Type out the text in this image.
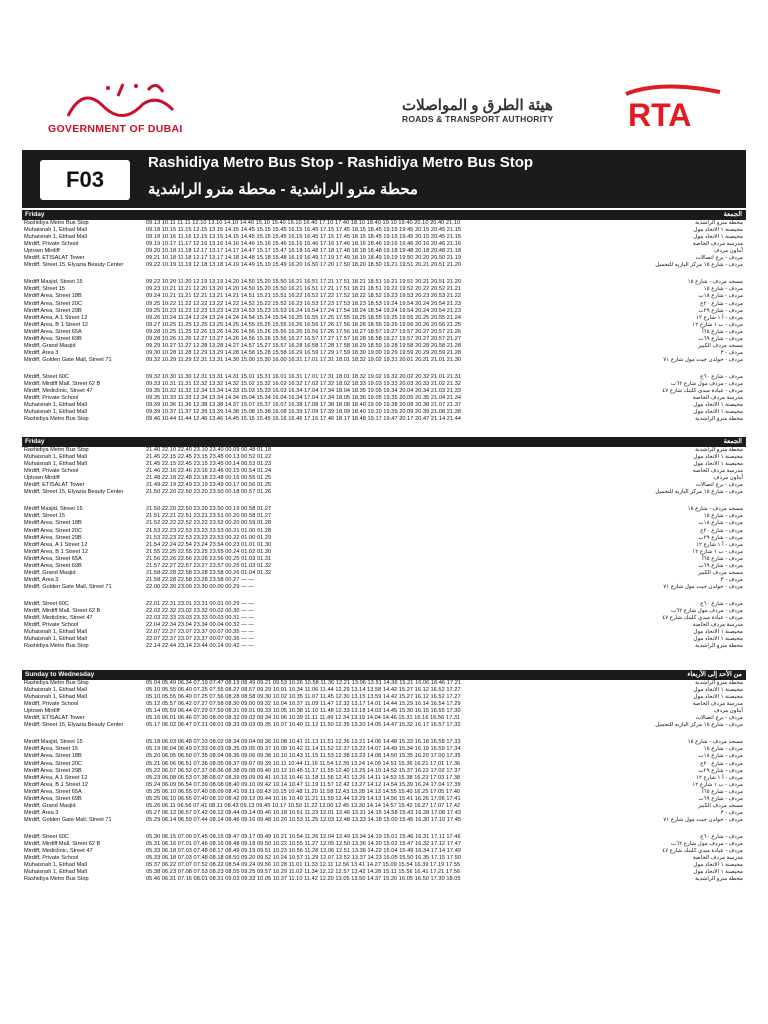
GOVERNMENT OF DUBAI
هيئة الطرق و المواصلات
ROADS & TRANSPORT AUTHORITY RTA
F03
Rashidiya Metro Bus Stop - Rashidiya Metro Bus Stop
محطة مترو الراشدية - محطة مترو الراشدية
Friday	الجمعة
Rashidiya Metro Bus Stop	09.13 10.11 11.11 12.10 13.10 14.10 14.40 15.10 15.40 16.10 16.40 17.10 17.40 18.10 18.40 19.10 19.40 20.10 20.40 21.10	محطة مترو الراشدية
Muhaisnah 1, Etihad Mall	09.18 10.15 11.15 12.15 13.15 14.15 14.45 15.15 15.45 16.15 16.45 17.15 17.45 18.15 18.45 19.15 19.45 20.15 20.45 21.15	محيصنة ١ الاتحاد مول
Muhaisnah 1, Etihad Mall	09.18 10.16 11.16 12.15 13.15 14.15 14.45 15.15 15.45 16.15 16.45 17.15 17.45 18.15 18.45 19.15 19.45 20.15 20.45 21.15	محيصنة ١ الاتحاد مول
Mirdiff, Private School	09.19 10.17 11.17 12.16 13.16 14.16 14.46 15.16 15.46 16.16 16.46 17.16 17.46 18.16 18.46 19.16 19.46 20.16 20.46 21.16	مدرسة مردف الخاصة
Uptown Mirdiff	09.20 10.18 11.18 12.17 13.17 14.17 14.47 15.17 15.47 16.18 16.48 17.18 17.48 18.18 18.48 19.18 19.48 20.18 20.48 21.18	أبتاون مردف
Mirdiff, ETISALAT Tower	09.21 10.18 11.18 12.17 13.17 14.18 14.48 15.18 15.48 16.19 16.49 17.19 17.49 18.19 18.49 19.19 19.50 20.20 20.50 21.19	مردف - برج اتصالات
Mirdiff, Street 15, Elyazia Beauty Center	09.22 10.19 11.19 12.18 13.18 14.19 14.49 15.19 15.49 16.20 16.50 17.20 17.50 18.20 18.50 19.21 19.51 20.21 20.51 21.20	مردف - شارع ١٥ مركز اليازيه للتجميل
Mirdiff Masjid, Street 15	09.22 10.20 11.20 12.19 13.19 14.20 14.50 15.20 15.50 16.21 16.51 17.21 17.51 18.21 18.51 19.21 19.51 20.21 20.51 21.20	مسجد مردف - شارع ١٥
Mirdiff, Street 15	09.23 10.21 11.21 12.20 13.20 14.20 14.50 15.20 15.50 16.21 16.51 17.21 17.51 18.21 18.51 19.22 19.52 20.22 20.52 21.21	مردف - شارع ١٥
Mirdiff Area, Street 18B	09.24 10.21 11.21 12.21 13.21 14.21 14.51 15.21 15.51 16.22 16.52 17.22 17.52 18.22 18.52 19.23 19.53 20.23 20.53 21.22	مردف - شارع ١٨ب
Mirdiff Area, Street 20C	09.25 10.22 11.22 12.22 13.22 14.22 14.52 15.22 15.52 16.23 16.53 17.23 17.53 18.23 18.53 19.24 19.54 20.24 20.54 21.23	مردف - شارع ٢٠ج
Mirdiff Area, Street 29B	09.25 10.23 11.23 12.23 13.23 14.23 14.53 15.23 15.53 16.24 16.54 17.24 17.54 18.24 18.54 19.24 19.54 20.24 20.54 21.23	مردف - شارع ٢٩ب
Mirdiff Area, A 1 Street 12	09.26 10.24 11.24 12.24 13.24 14.24 14.54 15.24 15.54 16.25 16.55 17.25 17.55 18.25 18.55 19.25 19.55 20.25 20.55 21.24	مردف - أ ١ شارع ١٢
Mirdiff Area, B 1 Street 12	09.27 10.25 11.25 12.25 13.25 14.25 14.55 15.25 15.55 16.26 16.56 17.26 17.56 18.26 18.56 19.26 19.56 20.26 20.56 21.25	مردف - ب ١ شارع ١٢
Mirdiff Area, Street 65A	09.28 10.25 11.25 12.26 13.26 14.26 14.56 15.26 15.56 16.26 16.56 17.26 17.56 18.27 18.57 19.27 19.57 20.27 20.57 21.26	مردف - شارع ٦٥أ
Mirdiff Area, Street 69B	09.28 10.26 11.26 12.27 13.27 14.26 14.56 15.26 15.56 16.27 16.57 17.27 17.57 18.28 18.58 19.27 19.57 20.27 20.57 21.27	مردف - شارع ٦٩ب
Mirdiff, Grand Masjid	09.29 10.27 11.27 12.28 13.28 14.27 14.57 15.27 15.57 16.28 16.58 17.28 17.58 18.29 18.59 19.28 19.58 20.28 20.58 21.28	مسجد مردف الكبير
Mirdiff, Area 3	09.30 10.28 11.28 12.29 13.29 14.28 14.58 15.28 15.58 16.29 16.59 17.29 17.59 18.30 19.00 19.29 19.59 20.29 20.59 21.28	مردف - ٣
Mirdiff, Golden Gate Mall, Street 71	09.32 10.29 11.29 12.31 13.31 14.30 15.00 15.30 16.00 16.31 17.01 17.31 18.01 18.32 19.02 19.31 20.01 20.31 21.01 21.30	مردف - جولدن جيت مول شارع ٧١
Mirdiff, Street 60C	09.32 10.30 11.30 12.31 13.31 14.31 15.01 15.31 16.01 16.31 17.01 17.31 18.01 18.32 19.02 19.32 20.02 20.32 21.01 21.31	مردف - شارع ٦٠ج
Mirdiff, Mirdiff Mall, Street 62 B	09.33 10.31 11.31 12.32 13.32 14.32 15.02 15.32 16.02 16.32 17.02 17.32 18.02 18.33 19.03 19.33 20.03 20.33 21.02 21.32	مردف - مردف مول شارع ٦٢ب
Mirdiff, Mediclinic, Street 47	09.35 10.32 11.32 12.34 13.34 14.33 15.03 15.33 16.03 16.34 17.04 17.34 18.04 18.35 19.05 19.34 20.04 20.34 21.03 21.33	مردف - عيادة ميدي كلينك شارع ٤٧
Mirdiff, Private School	09.35 10.33 11.33 12.34 13.34 14.34 15.04 15.34 16.04 16.34 17.04 17.34 18.05 18.36 19.05 19.35 20.05 20.35 21.04 21.34	مدرسة مردف الخاصة
Muhaisnah 1, Etihad Mall	09.39 10.36 11.36 12.38 13.38 14.37 15.07 15.37 16.07 16.38 17.08 17.38 18.08 18.40 19.09 19.38 20.08 20.38 21.07 21.37	محيصنة ١ الاتحاد مول
Muhaisnah 1, Etihad Mall	09.39 10.37 11.37 12.39 13.39 14.38 15.08 15.38 16.08 16.39 17.09 17.39 18.09 18.40 19.10 19.39 20.09 20.39 21.08 21.38	محيصنة ١ الاتحاد مول
Rashidiya Metro Bus Stop	09.46 10.44 11.44 12.46 13.46 14.45 15.15 15.45 16.16 16.46 17.16 17.46 18.17 18.48 19.17 19.47 20.17 20.47 21.14 21.44	محطة مترو الراشدية
Friday	الجمعة
Rashidiya Metro Bus Stop	21.40 22.10 22.40 23.10 23.40 00.09 00.48 01.18	محطة مترو الراشدية
Muhaisnah 1, Etihad Mall	21.45 22.15 22.45 23.15 23.45 00.13 00.52 01.22	محيصنة ١ الاتحاد مول
Muhaisnah 1, Etihad Mall	21.45 22.15 22.45 23.15 23.45 00.14 00.53 01.23	محيصنة ١ الاتحاد مول
Mirdiff, Private School	21.46 22.16 22.46 23.16 23.46 00.15 00.54 01.24	مدرسة مردف الخاصة
Uptown Mirdiff	21.48 22.18 22.48 23.18 23.48 00.16 00.55 01.25	أبتاون مردف
Mirdiff, ETISALAT Tower	21.49 22.19 22.49 23.19 23.49 00.17 00.56 01.25	مردف - برج اتصالات
Mirdiff, Street 15, Elyazia Beauty Center	21.50 22.20 22.50 23.20 23.50 00.18 00.57 01.26	مردف - شارع ١٥ مركز اليازيه للتجميل
Mirdiff Masjid, Street 15	21.50 22.20 22.50 23.20 23.50 00.19 00.58 01.27	مسجد مردف - شارع ١٥
Mirdiff, Street 15	21.51 22.21 22.51 23.21 23.51 00.20 00.58 01.27	مردف - شارع ١٥
Mirdiff Area, Street 18B	21.52 22.22 22.52 23.22 23.52 00.20 00.59 01.28	مردف - شارع ١٨ب
Mirdiff Area, Street 20C	21.53 22.23 22.53 23.23 23.53 00.21 01.00 01.28	مردف - شارع ٢٠ج
Mirdiff Area, Street 29B	21.53 22.23 22.53 23.23 23.53 00.22 01.00 01.29	مردف - شارع ٢٩ب
Mirdiff Area, A 1 Street 12	21.54 22.24 22.54 23.24 23.54 00.23 01.01 01.30	مردف - أ ١ شارع ١٢
Mirdiff Area, B 1 Street 12	21.55 22.25 22.55 23.25 23.55 00.24 01.02 01.30	مردف - ب ١ شارع ١٢
Mirdiff Area, Street 65A	21.56 22.26 22.56 23.26 23.56 00.25 01.03 01.31	مردف - شارع ٦٥أ
Mirdiff Area, Street 69B	21.57 22.27 22.57 23.27 23.57 00.25 01.03 01.32	مردف - شارع ٦٩ب
Mirdiff, Grand Masjid	21.58 22.28 22.58 23.28 23.58 00.26 01.04 01.32	مسجد مردف الكبير
Mirdiff, Area 3	21.58 22.28 22.58 23.28 23.58 00.27 — —	مردف - ٣
Mirdiff, Golden Gate Mall, Street 71	22.00 22.30 23.00 23.30 00.00 00.29 — —	مردف - جولدن جيت مول شارع ٧١
Mirdiff, Street 60C	22.01 22.31 23.01 23.31 00.01 00.29 — —	مردف - شارع ٦٠ج
Mirdiff, Mirdiff Mall, Street 62 B	22.02 22.32 23.02 23.32 00.02 00.30 — —	مردف - مردف مول شارع ٦٢ب
Mirdiff, Mediclinic, Street 47	22.03 22.33 23.03 23.33 00.03 00.31 — —	مردف - عيادة ميدي كلينك شارع ٤٧
Mirdiff, Private School	22.04 22.34 23.04 23.34 00.04 00.32 — —	مدرسة مردف الخاصة
Muhaisnah 1, Etihad Mall	22.07 22.37 23.07 23.37 00.07 00.35 — —	محيصنة ١ الاتحاد مول
Muhaisnah 1, Etihad Mall	22.07 22.37 23.07 23.37 00.07 00.36 — —	محيصنة ١ الاتحاد مول
Rashidiya Metro Bus Stop	22.14 22.44 23.14 23.44 00.14 00.42 — —	محطة مترو الراشدية
Sunday to Wednesday	من الأحد إلى الأربعاء
Rashidiya Metro Bus Stop	05.04 05.49 06.34 07.19 07.47 08.19 08.49 09.21 09.53 10.26 10.58 11.36 12.21 13.06 13.51 14.36 15.21 16.06 16.46 17.21	محطة مترو الراشدية
Muhaisnah 1, Etihad Mall	05.10 05.55 06.40 07.25 07.55 08.27 08.57 09.29 10.01 10.34 11.06 11.44 12.29 13.14 13.58 14.42 15.27 16.12 16.52 17.27	محيصنة ١ الاتحاد مول
Muhaisnah 1, Etihad Mall	05.10 05.55 06.40 07.25 07.56 08.28 08.58 09.30 10.02 10.35 11.07 11.45 12.30 13.15 13.59 14.42 15.27 16.12 16.52 17.27	محيصنة ١ الاتحاد مول
Mirdiff, Private School	05.12 05.57 06.42 07.27 07.58 08.30 09.00 09.32 10.04 10.37 11.09 11.47 12.32 13.17 14.01 14.44 15.29 16.14 16.54 17.29	مدرسة مردف الخاصة
Uptown Mirdiff	05.14 05.59 06.44 07.29 07.59 08.31 09.01 09.33 10.05 10.38 11.10 11.48 12.33 13.18 14.03 14.45 15.30 16.15 16.55 17.30	أبتاون مردف
Mirdiff, ETISALAT Tower	05.16 06.01 06.46 07.30 08.00 08.32 09.02 09.34 10.06 10.39 11.11 11.49 12.34 13.19 14.04 14.46 15.31 16.16 16.56 17.31	مردف - برج اتصالات
Mirdiff, Street 15, Elyazia Beauty Center	05.17 06.02 06.47 07.31 08.01 08.33 09.03 09.35 10.07 10.40 11.12 11.50 12.35 13.20 14.05 14.47 15.32 16.17 16.57 17.32	مردف - شارع ١٥ مركز اليازيه للتجميل
Mirdiff Masjid, Street 15	05.18 06.03 06.48 07.33 08.02 08.34 09.04 09.36 10.08 10.41 11.13 11.51 12.36 13.21 14.06 14.48 15.33 16.18 16.58 17.33	مسجد مردف - شارع ١٥
Mirdiff Area, Street 15	05.19 06.04 06.49 07.33 08.03 08.35 09.05 09.37 10.09 10.42 11.14 11.52 12.37 13.22 14.07 14.49 15.34 16.19 16.59 17.34	مردف - شارع ١٥
Mirdiff Area, Street 18B	05.20 06.05 06.50 07.35 08.04 08.36 09.06 09.38 10.10 10.43 11.15 11.53 12.38 13.23 14.08 14.50 15.35 16.20 17.00 17.35	مردف - شارع ١٨ب
Mirdiff Area, Street 20C	05.21 06.06 06.51 07.36 08.05 08.37 09.07 09.39 10.11 10.44 11.16 11.54 12.39 13.24 14.09 14.51 15.36 16.21 17.01 17.36	مردف - شارع ٢٠ج
Mirdiff Area, Street 29B	05.22 06.07 06.52 07.37 08.06 08.38 09.08 09.40 10.12 10.45 11.17 11.55 12.40 13.25 14.10 14.52 15.37 16.22 17.02 17.37	مردف - شارع ٢٩ب
Mirdiff Area, A 1 Street 12	05.23 06.08 06.53 07.38 08.07 08.39 09.09 09.41 10.13 10.46 11.18 11.56 12.41 13.26 14.11 14.53 15.38 16.23 17.03 17.38	مردف - أ ١ شارع ١٢
Mirdiff Area, B 1 Street 12	05.24 06.09 06.54 07.39 08.08 08.40 09.10 09.42 10.14 10.47 11.19 11.57 12.42 13.27 14.12 14.54 15.39 16.24 17.04 17.39	مردف - ب ١ شارع ١٢
Mirdiff Area, Street 65A	05.25 06.10 06.55 07.40 08.09 08.41 09.11 09.43 10.15 10.48 11.20 11.58 12.43 13.28 14.13 14.55 15.40 16.25 17.05 17.40	مردف - شارع ٦٥أ
Mirdiff Area, Street 69B	05.25 06.10 06.55 07.40 08.10 08.42 09.12 09.44 10.16 10.49 11.21 11.59 12.44 13.29 14.13 14.56 15.41 16.26 17.06 17.41	مردف - شارع ٦٩ب
Mirdiff, Grand Masjid	05.26 06.11 06.56 07.41 08.11 08.43 09.13 09.45 10.17 10.50 11.22 12.00 12.45 13.30 14.14 14.57 15.42 16.27 17.07 17.42	مسجد مردف الكبير
Mirdiff, Area 3	05.27 06.12 06.57 07.42 08.12 08.44 09.14 09.46 10.18 10.51 11.23 12.01 12.46 13.31 14.15 14.58 15.43 16.28 17.08 17.43	مردف - ٣
Mirdiff, Golden Gate Mall, Street 71	05.29 06.14 06.59 07.44 08.14 08.46 09.16 09.48 10.20 10.53 11.25 12.03 12.48 13.33 14.18 15.00 15.45 16.30 17.10 17.45	مردف - جولدن جيت مول شارع ٧١
Mirdiff, Street 60C	05.30 06.15 07.00 07.45 08.15 08.47 09.17 09.49 10.21 10.54 11.26 12.04 12.49 13.34 14.19 15.01 15.46 16.31 17.11 17.46	مردف - شارع ٦٠ج
Mirdiff, Mirdiff Mall, Street 62 B	05.31 06.16 07.01 07.46 08.16 08.48 09.18 09.50 10.22 10.55 11.27 12.05 12.50 13.36 14.20 15.02 15.47 16.32 17.12 17.47	مردف - مردف مول شارع ٦٢ب
Mirdiff, Mediclinic, Street 47	05.33 06.18 07.03 07.48 08.17 08.49 09.19 09.51 10.23 10.56 11.28 12.06 12.51 13.36 14.22 15.04 15.49 16.34 17.14 17.49	مردف - عيادة ميدي كلينك شارع ٤٧
Mirdiff, Private School	05.33 06.18 07.03 07.48 08.18 08.50 09.20 09.52 10.24 10.57 11.29 12.07 12.52 13.37 14.23 15.05 15.50 16.35 17.15 17.50	مدرسة مردف الخاصة
Muhaisnah 1, Etihad Mall	05.37 06.22 07.07 07.52 08.22 08.54 09.24 09.56 10.28 11.01 11.33 12.11 12.56 13.41 14.27 15.09 15.54 16.39 17.19 17.55	محيصنة ١ الاتحاد مول
Muhaisnah 1, Etihad Mall	05.38 06.23 07.08 07.53 08.23 08.55 09.25 09.57 10.29 11.02 11.34 12.12 12.57 13.42 14.28 15.11 15.56 16.41 17.21 17.56	محيصنة ١ الاتحاد مول
Rashidiya Metro Bus Stop	05.46 06.31 07.16 08.01 08.31 09.03 09.33 10.05 10.37 11.10 11.42 12.20 13.05 13.50 14.37 15.20 16.05 16.50 17.30 18.05	محطة مترو الراشدية
